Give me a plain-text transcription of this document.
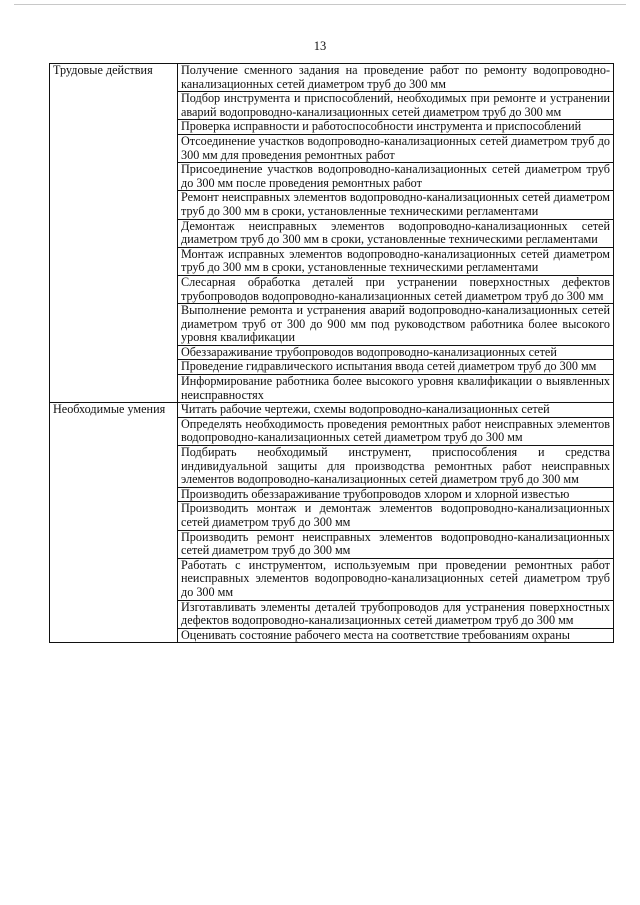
13
Трудовые действия	Получение сменного задания на проведение работ по ремонту водопроводно-канализационных сетей диаметром труб до 300 мм
	Подбор инструмента и приспособлений, необходимых при ремонте и устранении аварий водопроводно-канализационных сетей диаметром труб до 300 мм
	Проверка исправности и работоспособности инструмента и приспособлений
	Отсоединение участков водопроводно-канализационных сетей диаметром труб до 300 мм для проведения ремонтных работ
	Присоединение участков водопроводно-канализационных сетей диаметром труб до 300 мм после проведения ремонтных работ
	Ремонт неисправных элементов водопроводно-канализационных сетей диаметром труб до 300 мм в сроки, установленные техническими регламентами
	Демонтаж неисправных элементов водопроводно-канализационных сетей диаметром труб до 300 мм в сроки, установленные техническими регламентами
	Монтаж исправных элементов водопроводно-канализационных сетей диаметром труб до 300 мм в сроки, установленные техническими регламентами
	Слесарная обработка деталей при устранении поверхностных дефектов трубопроводов водопроводно-канализационных сетей диаметром труб до 300 мм
	Выполнение ремонта и устранения аварий водопроводно-канализационных сетей диаметром труб от 300 до 900 мм под руководством работника более высокого уровня квалификации
	Обеззараживание трубопроводов водопроводно-канализационных сетей
	Проведение гидравлического испытания ввода сетей диаметром труб до 300 мм
	Информирование работника более высокого уровня квалификации о выявленных неисправностях
Необходимые умения	Читать рабочие чертежи, схемы водопроводно-канализационных сетей
	Определять необходимость проведения ремонтных работ неисправных элементов водопроводно-канализационных сетей диаметром труб до 300 мм
	Подбирать необходимый инструмент, приспособления и средства индивидуальной защиты для производства ремонтных работ неисправных элементов водопроводно-канализационных сетей диаметром труб до 300 мм
	Производить обеззараживание трубопроводов хлором и хлорной известью
	Производить монтаж и демонтаж элементов водопроводно-канализационных сетей диаметром труб до 300 мм
	Производить ремонт неисправных элементов водопроводно-канализационных сетей диаметром труб до 300 мм
	Работать с инструментом, используемым при проведении ремонтных работ неисправных элементов водопроводно-канализационных сетей диаметром труб до 300 мм
	Изготавливать элементы деталей трубопроводов для устранения поверхностных дефектов водопроводно-канализационных сетей диаметром труб до 300 мм
	Оценивать состояние рабочего места на соответствие требованиям охраны
